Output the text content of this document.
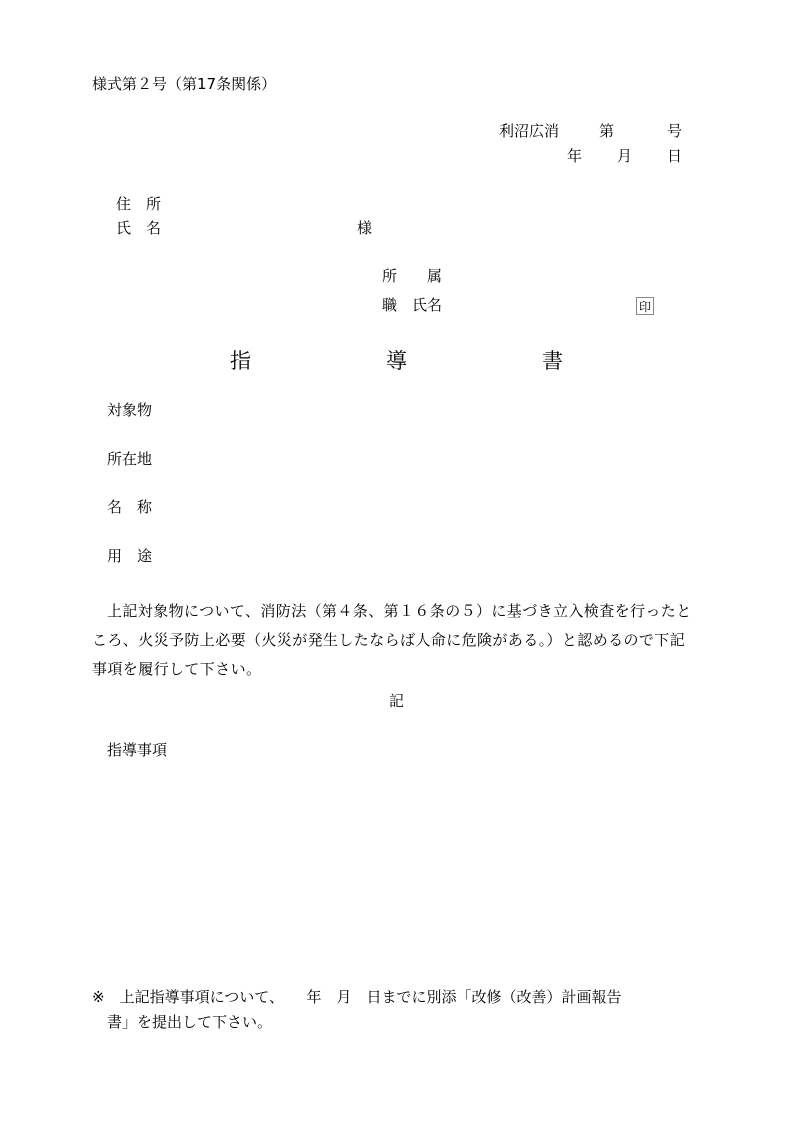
様式第２号（第17条関係）
利沼広消	第	号
年 月 日
住　所
氏　名	様
所　　属
職　氏名	印
指	導	書
対象物
所在地
名　称
用　途
上記対象物について、消防法（第４条、第１６条の５）に基づき立入検査を行ったところ、火災予防上必要（火災が発生したならば人命に危険がある。）と認めるので下記事項を履行して下さい。
記
指導事項
※　上記指導事項について、　　年　月　日までに別添「改修（改善）計画報告
書」を提出して下さい。
